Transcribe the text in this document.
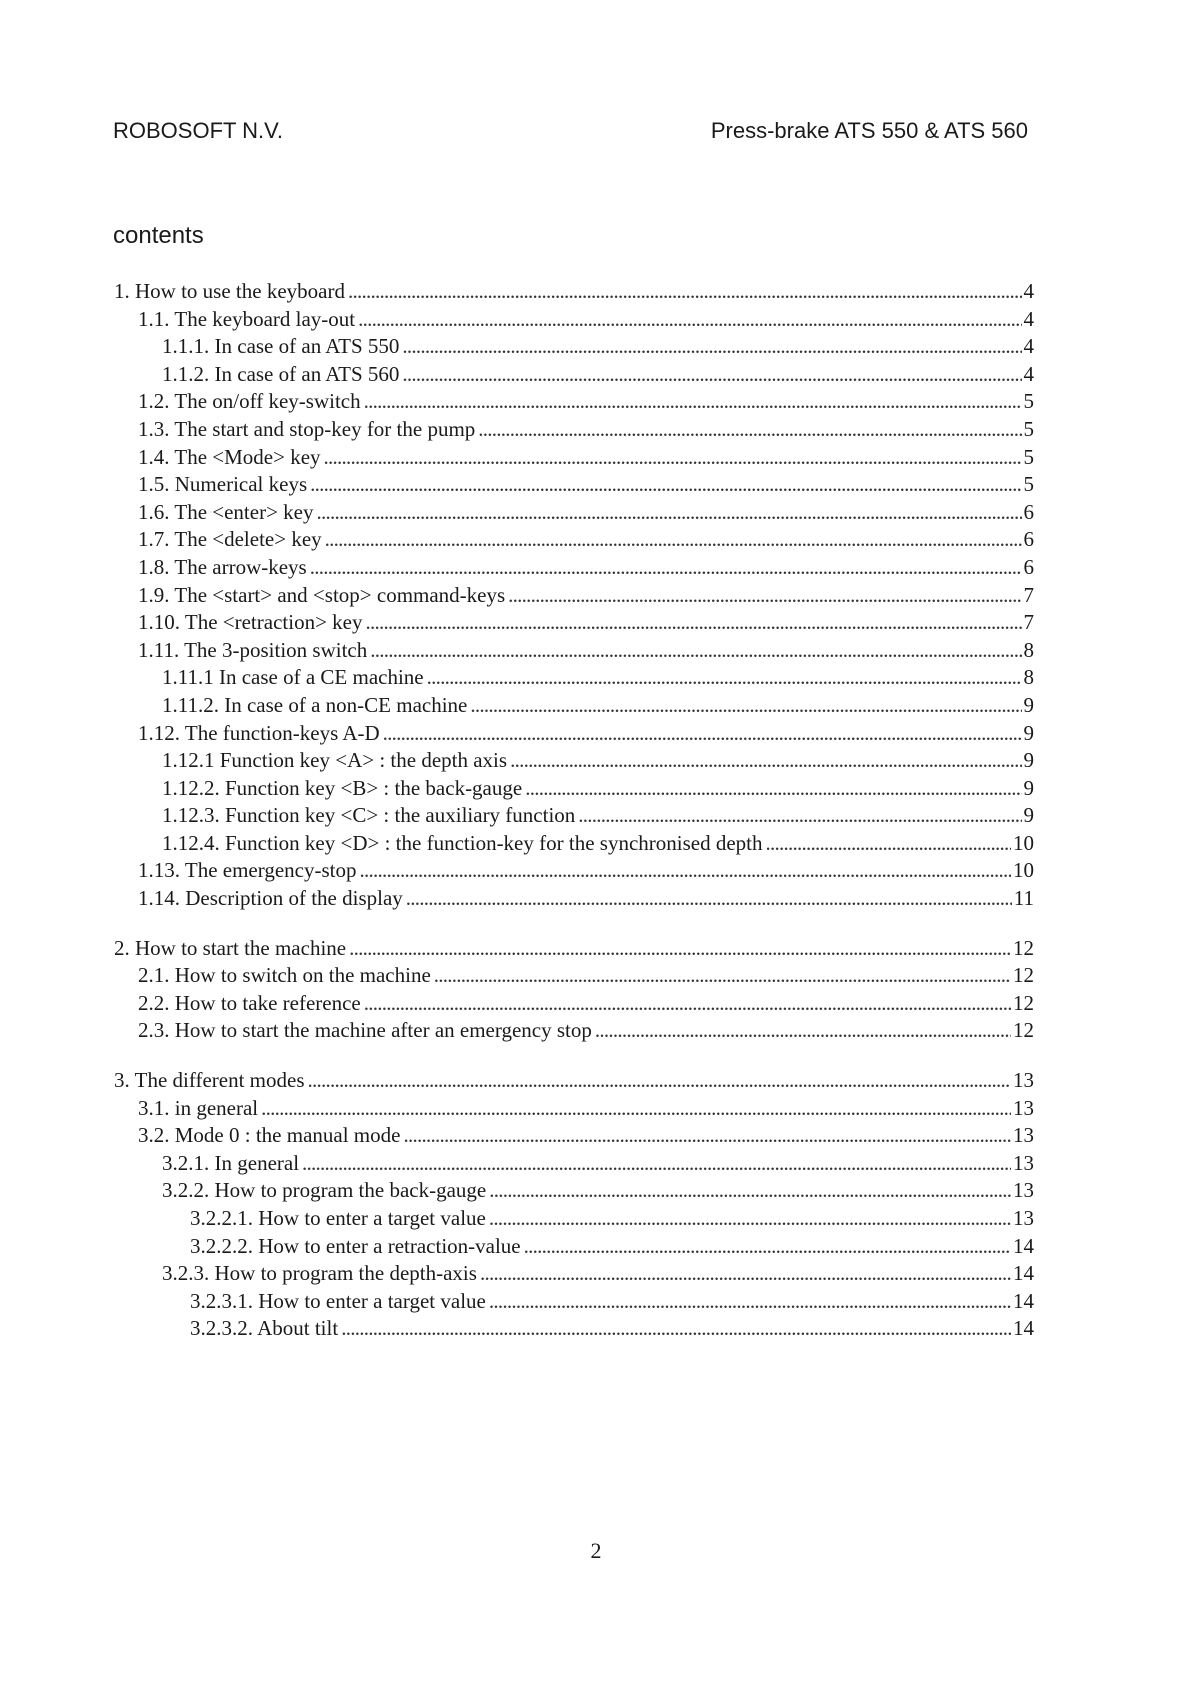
ROBOSOFT N.V.	Press-brake ATS 550 & ATS 560
contents
1. How to use the keyboard . . .	4
1.1. The keyboard lay-out . . .	4
1.1.1. In case of an ATS 550 . . .	4
1.1.2. In case of an ATS 560 . . .	4
1.2. The on/off key-switch . . .	5
1.3. The start and stop-key for the pump . . .	5
1.4. The <Mode> key . . .	5
1.5. Numerical keys . . .	5
1.6. The <enter> key . . .	6
1.7. The <delete> key . . .	6
1.8. The arrow-keys . . .	6
1.9. The <start> and <stop> command-keys . . .	7
1.10. The <retraction> key . . .	7
1.11. The 3-position switch . . .	8
1.11.1 In case of a CE machine . . .	8
1.11.2. In case of a non-CE machine . . .	9
1.12. The function-keys A-D . . .	9
1.12.1 Function key <A> : the depth axis . . .	9
1.12.2. Function key <B> : the back-gauge . . .	9
1.12.3. Function key <C> : the auxiliary function . . .	9
1.12.4. Function key <D> : the function-key for the synchronised depth . . .	10
1.13. The emergency-stop . . .	10
1.14. Description of the display . . .	11
2. How to start the machine . . .	12
2.1. How to switch on the machine . . .	12
2.2. How to take reference . . .	12
2.3. How to start the machine after an emergency stop . . .	12
3. The different modes . . .	13
3.1. in general . . .	13
3.2. Mode 0 : the manual mode . . .	13
3.2.1. In general . . .	13
3.2.2. How to program the back-gauge . . .	13
3.2.2.1. How to enter a target value . . .	13
3.2.2.2. How to enter a retraction-value . . .	14
3.2.3. How to program the depth-axis . . .	14
3.2.3.1. How to enter a target value . . .	14
3.2.3.2. About tilt . . .	14
2
